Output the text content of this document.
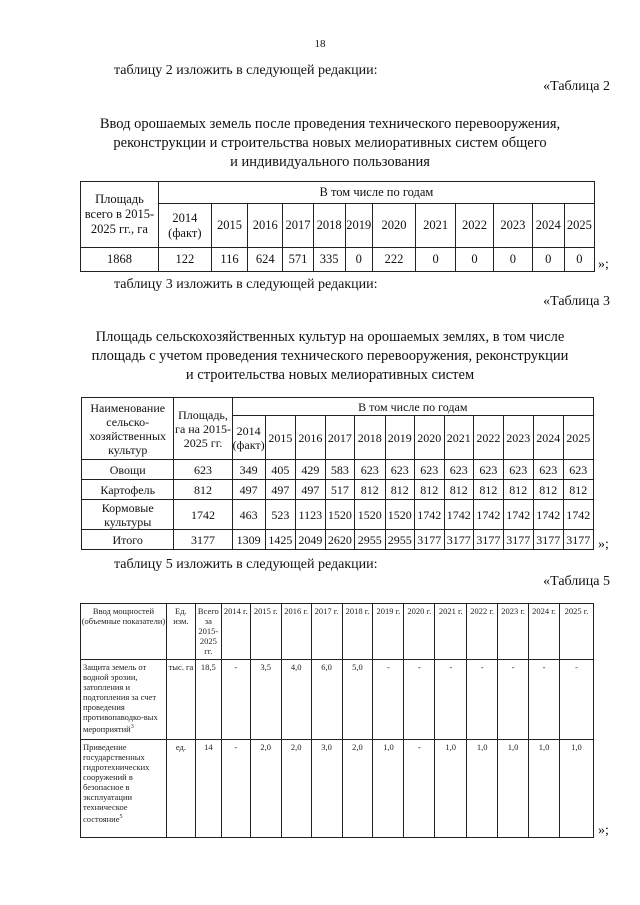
18
таблицу 2 изложить в следующей редакции:
«Таблица 2
Ввод орошаемых земель после проведения технического перевооружения,
реконструкции и строительства новых мелиоративных систем общего
и индивидуального пользования
Площадь всего в 2015-2025 гг., га	В том числе по годам											
	2014 (факт)	2015	2016	2017	2018	2019	2020	2021	2022	2023	2024	2025
1868	122	116	624	571	335	0	222	0	0	0	0	0 »;
таблицу 3 изложить в следующей редакции:
«Таблица 3
Площадь сельскохозяйственных культур на орошаемых землях, в том числе
площадь с учетом проведения технического перевооружения, реконструкции
и строительства новых мелиоративных систем
Наименование сельско-хозяйственных культур	Площадь, га на 2015-2025 гг.	В том числе по годам											
		2014 (факт)	2015	2016	2017	2018	2019	2020	2021	2022	2023	2024	2025
Овощи	623	349	405	429	583	623	623	623	623	623	623	623	623
Картофель	812	497	497	497	517	812	812	812	812	812	812	812	812
Кормовые культуры	1742	463	523	1123	1520	1520	1520	1742	1742	1742	1742	1742	1742
Итого	3177	1309	1425	2049	2620	2955	2955	3177	3177	3177	3177	3177	3177 »;
таблицу 5 изложить в следующей редакции:
«Таблица 5
Ввод мощностей (объемные показатели)	Ед. изм.	Всего за 2015-2025 гг.	2014 г.	2015 г.	2016 г.	2017 г.	2018 г.	2019 г.	2020 г.	2021 г.	2022 г.	2023 г.	2024 г.	2025 г.
Защита земель от водной эрозии, затопления и подтопления за счет проведения противопаводко-вых мероприятий$^3$	тыс. га	18,5	-	3,5	4,0	6,0	5,0	-	-	-	-	-	-	-
Приведение государственных гидротехнических сооружений в безопасное в эксплуатации техническое состояние$^5$	ед.	14	-	2,0	2,0	3,0	2,0	1,0	-	1,0	1,0	1,0	1,0	1,0
»;
